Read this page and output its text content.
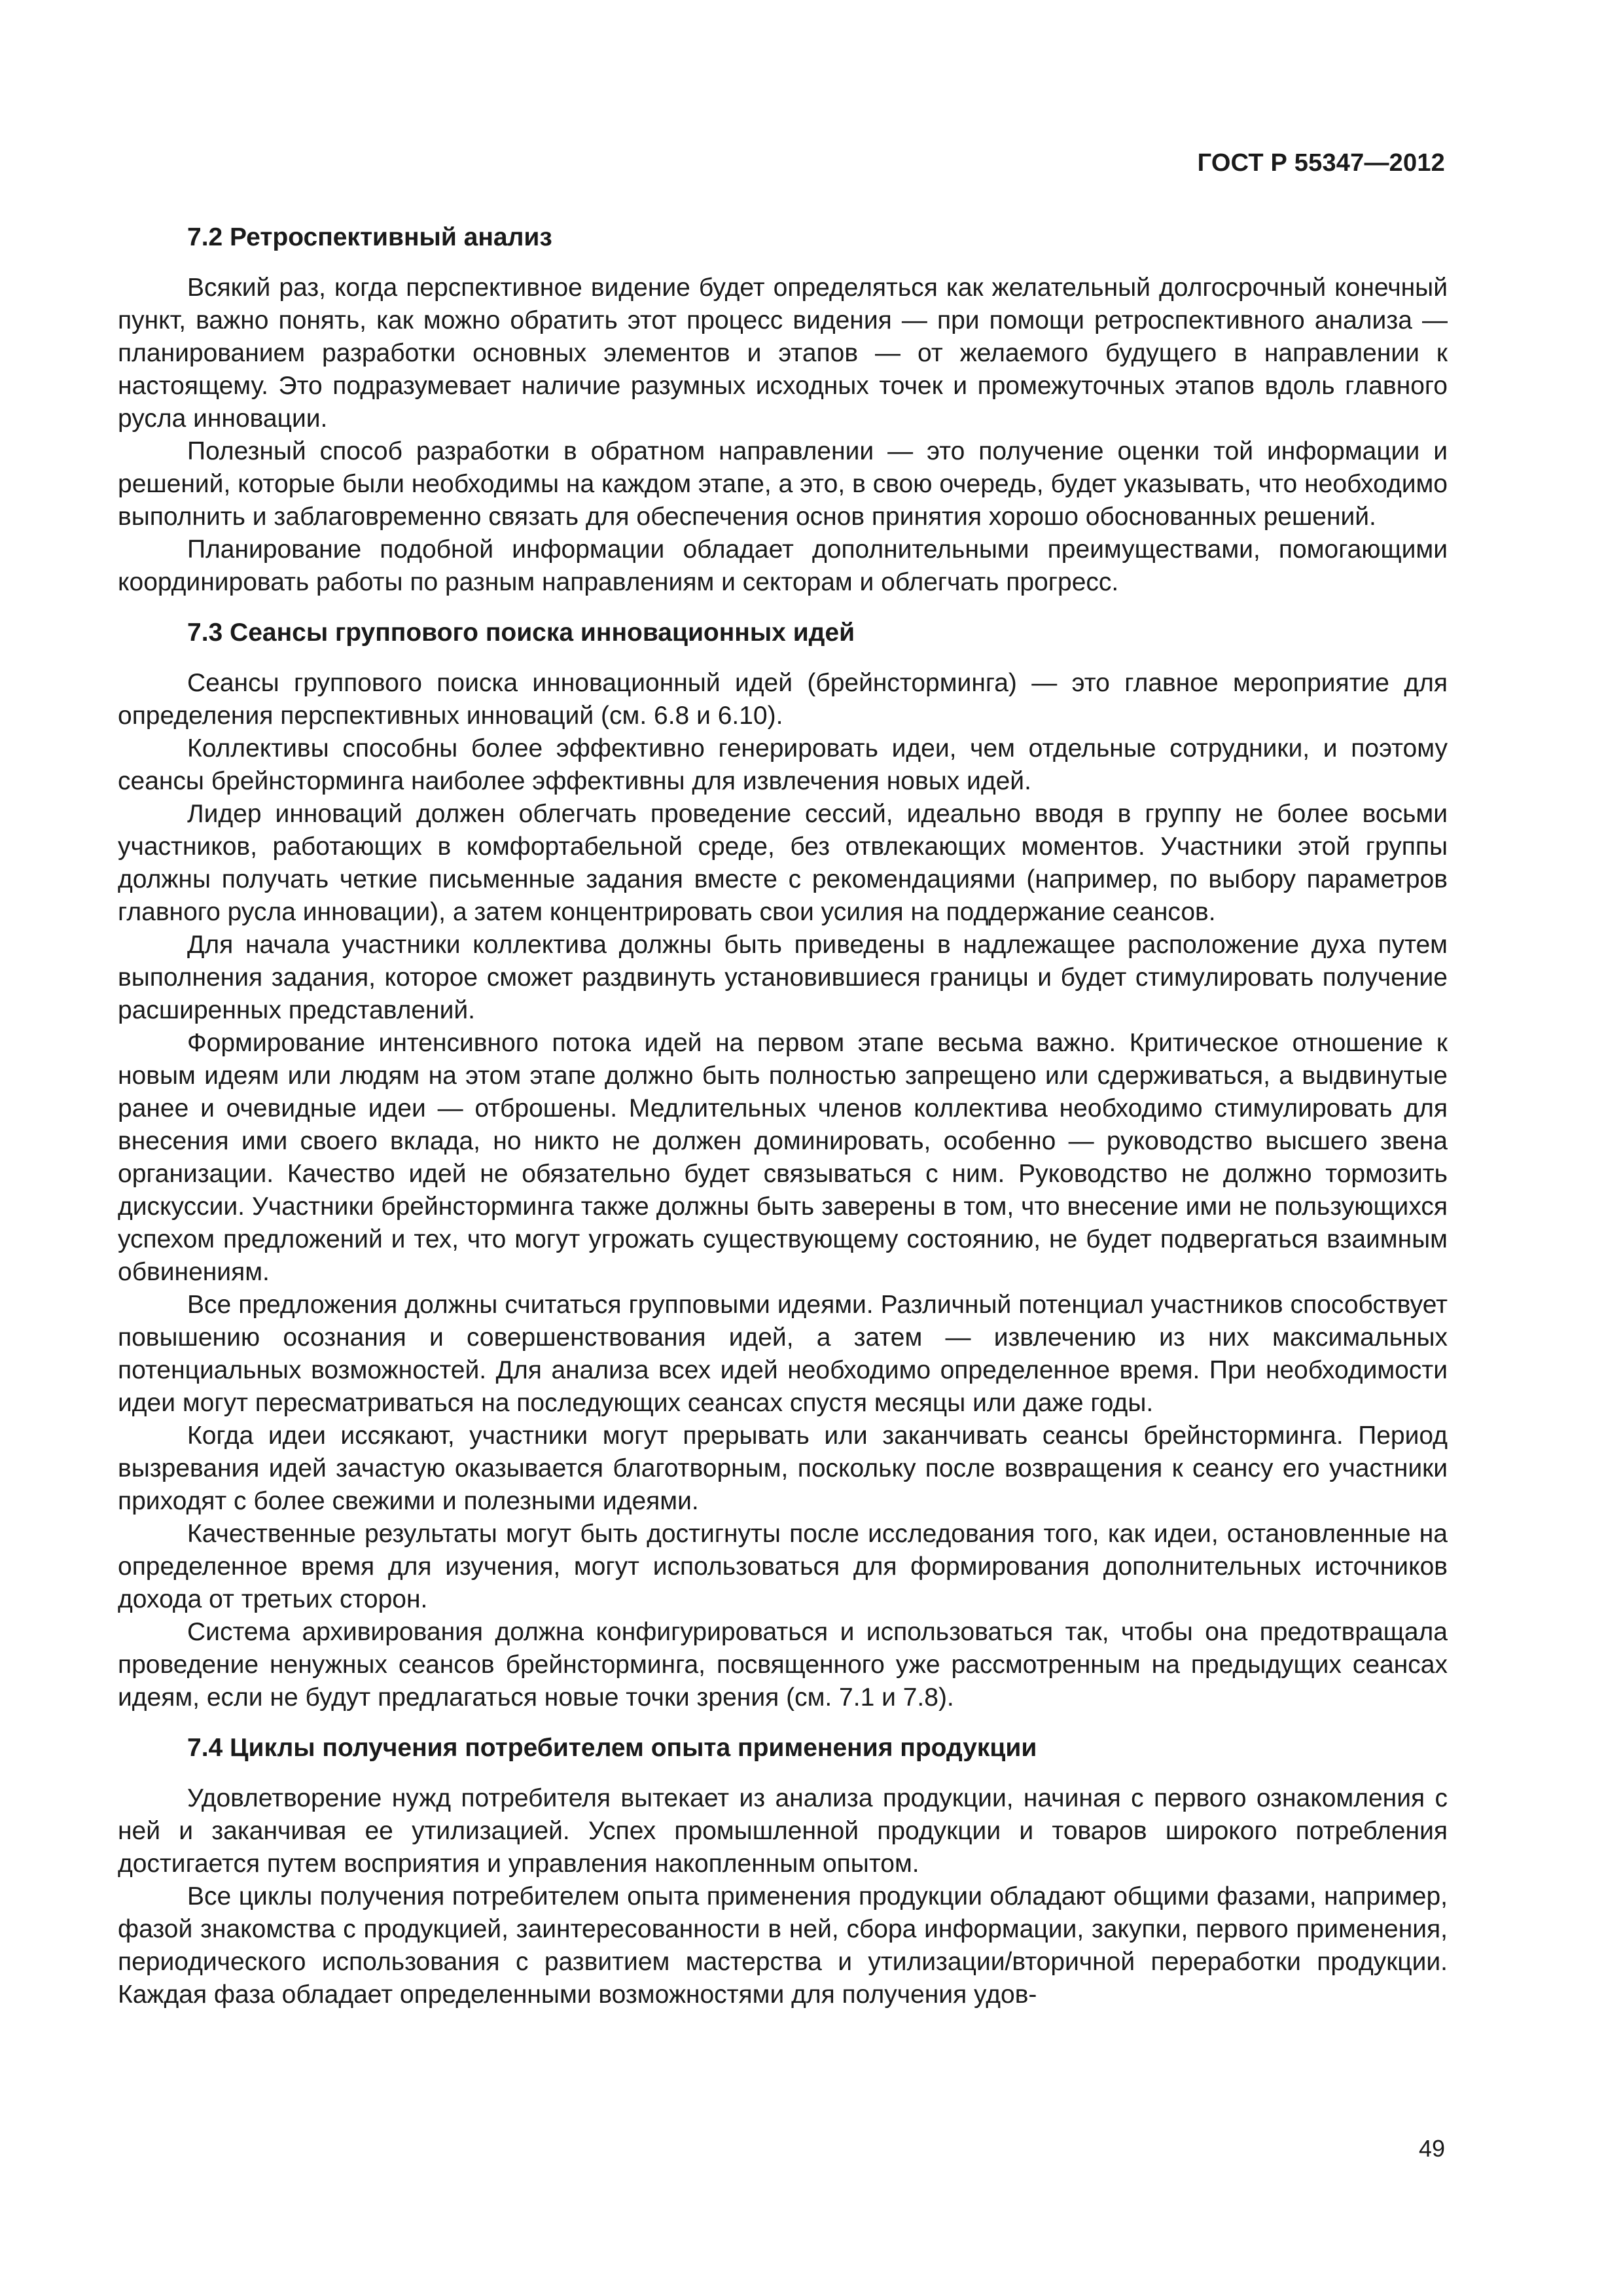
ГОСТ Р 55347—2012
7.2 Ретроспективный анализ

Всякий раз, когда перспективное видение будет определяться как желательный долгосрочный конечный пункт, важно понять, как можно обратить этот процесс видения — при помощи ретроспективного анализа — планированием разработки основных элементов и этапов — от желаемого будущего в направлении к настоящему. Это подразумевает наличие разумных исходных точек и промежуточных этапов вдоль главного русла инновации.

Полезный способ разработки в обратном направлении — это получение оценки той информации и решений, которые были необходимы на каждом этапе, а это, в свою очередь, будет указывать, что необходимо выполнить и заблаговременно связать для обеспечения основ принятия хорошо обоснованных решений.

Планирование подобной информации обладает дополнительными преимуществами, помогающими координировать работы по разным направлениям и секторам и облегчать прогресс.

7.3 Сеансы группового поиска инновационных идей

Сеансы группового поиска инновационный идей (брейнсторминга) — это главное мероприятие для определения перспективных инноваций (см. 6.8 и 6.10).

Коллективы способны более эффективно генерировать идеи, чем отдельные сотрудники, и поэтому сеансы брейнсторминга наиболее эффективны для извлечения новых идей.

Лидер инноваций должен облегчать проведение сессий, идеально вводя в группу не более восьми участников, работающих в комфортабельной среде, без отвлекающих моментов. Участники этой группы должны получать четкие письменные задания вместе с рекомендациями (например, по выбору параметров главного русла инновации), а затем концентрировать свои усилия на поддержание сеансов.

Для начала участники коллектива должны быть приведены в надлежащее расположение духа путем выполнения задания, которое сможет раздвинуть установившиеся границы и будет стимулировать получение расширенных представлений.

Формирование интенсивного потока идей на первом этапе весьма важно. Критическое отношение к новым идеям или людям на этом этапе должно быть полностью запрещено или сдерживаться, а выдвинутые ранее и очевидные идеи — отброшены. Медлительных членов коллектива необходимо стимулировать для внесения ими своего вклада, но никто не должен доминировать, особенно — руководство высшего звена организации. Качество идей не обязательно будет связываться с ним. Руководство не должно тормозить дискуссии. Участники брейнсторминга также должны быть заверены в том, что внесение ими не пользующихся успехом предложений и тех, что могут угрожать существующему состоянию, не будет подвергаться взаимным обвинениям.

Все предложения должны считаться групповыми идеями. Различный потенциал участников способствует повышению осознания и совершенствования идей, а затем — извлечению из них максимальных потенциальных возможностей. Для анализа всех идей необходимо определенное время. При необходимости идеи могут пересматриваться на последующих сеансах спустя месяцы или даже годы.

Когда идеи иссякают, участники могут прерывать или заканчивать сеансы брейнсторминга. Период вызревания идей зачастую оказывается благотворным, поскольку после возвращения к сеансу его участники приходят с более свежими и полезными идеями.

Качественные результаты могут быть достигнуты после исследования того, как идеи, остановленные на определенное время для изучения, могут использоваться для формирования дополнительных источников дохода от третьих сторон.

Система архивирования должна конфигурироваться и использоваться так, чтобы она предотвращала проведение ненужных сеансов брейнсторминга, посвященного уже рассмотренным на предыдущих сеансах идеям, если не будут предлагаться новые точки зрения (см. 7.1 и 7.8).

7.4 Циклы получения потребителем опыта применения продукции

Удовлетворение нужд потребителя вытекает из анализа продукции, начиная с первого ознакомления с ней и заканчивая ее утилизацией. Успех промышленной продукции и товаров широкого потребления достигается путем восприятия и управления накопленным опытом.

Все циклы получения потребителем опыта применения продукции обладают общими фазами, например, фазой знакомства с продукцией, заинтересованности в ней, сбора информации, закупки, первого применения, периодического использования с развитием мастерства и утилизации/вторичной переработки продукции. Каждая фаза обладает определенными возможностями для получения удов-

49
